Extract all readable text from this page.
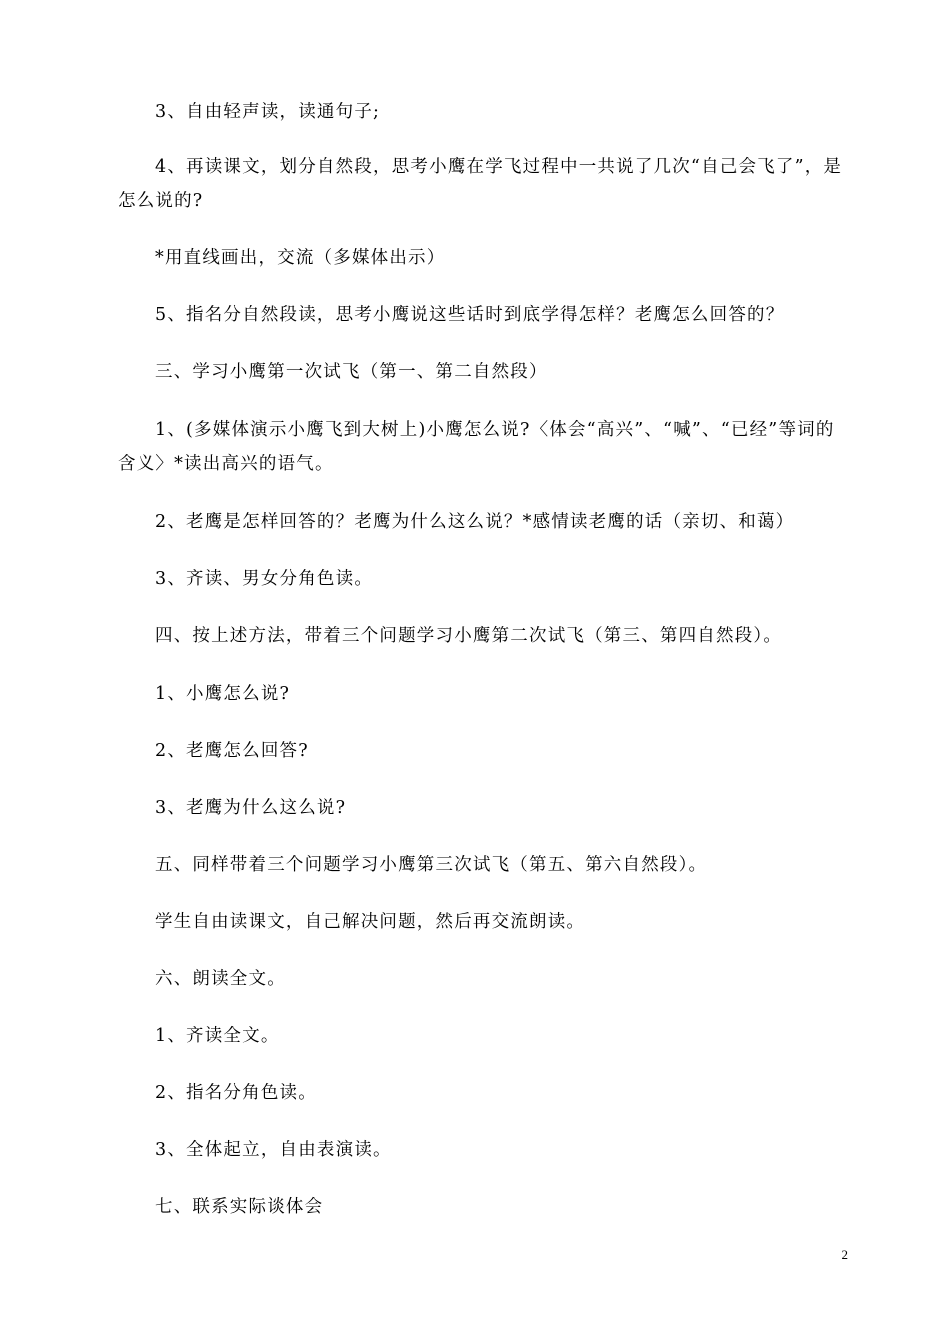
3、自由轻声读，读通句子;

4、再读课文，划分自然段，思考小鹰在学飞过程中一共说了几次“自己会飞了”，是怎么说的?

*用直线画出，交流（多媒体出示）

5、指名分自然段读，思考小鹰说这些话时到底学得怎样？老鹰怎么回答的？

三、学习小鹰第一次试飞（第一、第二自然段）

1、(多媒体演示小鹰飞到大树上)小鹰怎么说?〈体会“高兴”、“喊”、“已经”等词的含义〉*读出高兴的语气。

2、老鹰是怎样回答的？老鹰为什么这么说？*感情读老鹰的话（亲切、和蔼）

3、齐读、男女分角色读。

四、按上述方法，带着三个问题学习小鹰第二次试飞（第三、第四自然段）。

1、小鹰怎么说?

2、老鹰怎么回答?

3、老鹰为什么这么说?

五、同样带着三个问题学习小鹰第三次试飞（第五、第六自然段）。

学生自由读课文，自己解决问题，然后再交流朗读。

六、朗读全文。

1、齐读全文。

2、指名分角色读。

3、全体起立，自由表演读。

七、联系实际谈体会

2
